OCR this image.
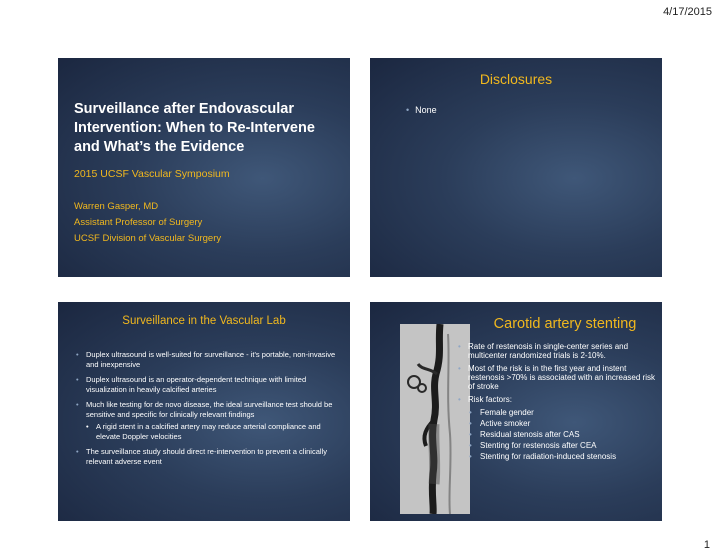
4/17/2015
Surveillance after Endovascular Intervention: When to Re-Intervene and What’s the Evidence
2015 UCSF Vascular Symposium
Warren Gasper, MD
Assistant Professor of Surgery
UCSF Division of Vascular Surgery
Disclosures
• None
Surveillance in the Vascular Lab
• Duplex ultrasound is well-suited for surveillance - it’s portable, non-invasive and inexpensive
• Duplex ultrasound is an operator-dependent technique with limited visualization in heavily calcified arteries
• Much like testing for de novo disease, the ideal surveillance test should be sensitive and specific for clinically relevant findings
• A rigid stent in a calcified artery may reduce arterial compliance and elevate Doppler velocities
• The surveillance study should direct re-intervention to prevent a clinically relevant adverse event
Carotid artery stenting
• Rate of restenosis in single-center series and multicenter randomized trials is 2-10%.
• Most of the risk is in the first year and instent restenosis >70% is associated with an increased risk of stroke
• Risk factors:
• Female gender
• Active smoker
• Residual stenosis after CAS
• Stenting for restenosis after CEA
• Stenting for radiation-induced stenosis
1
